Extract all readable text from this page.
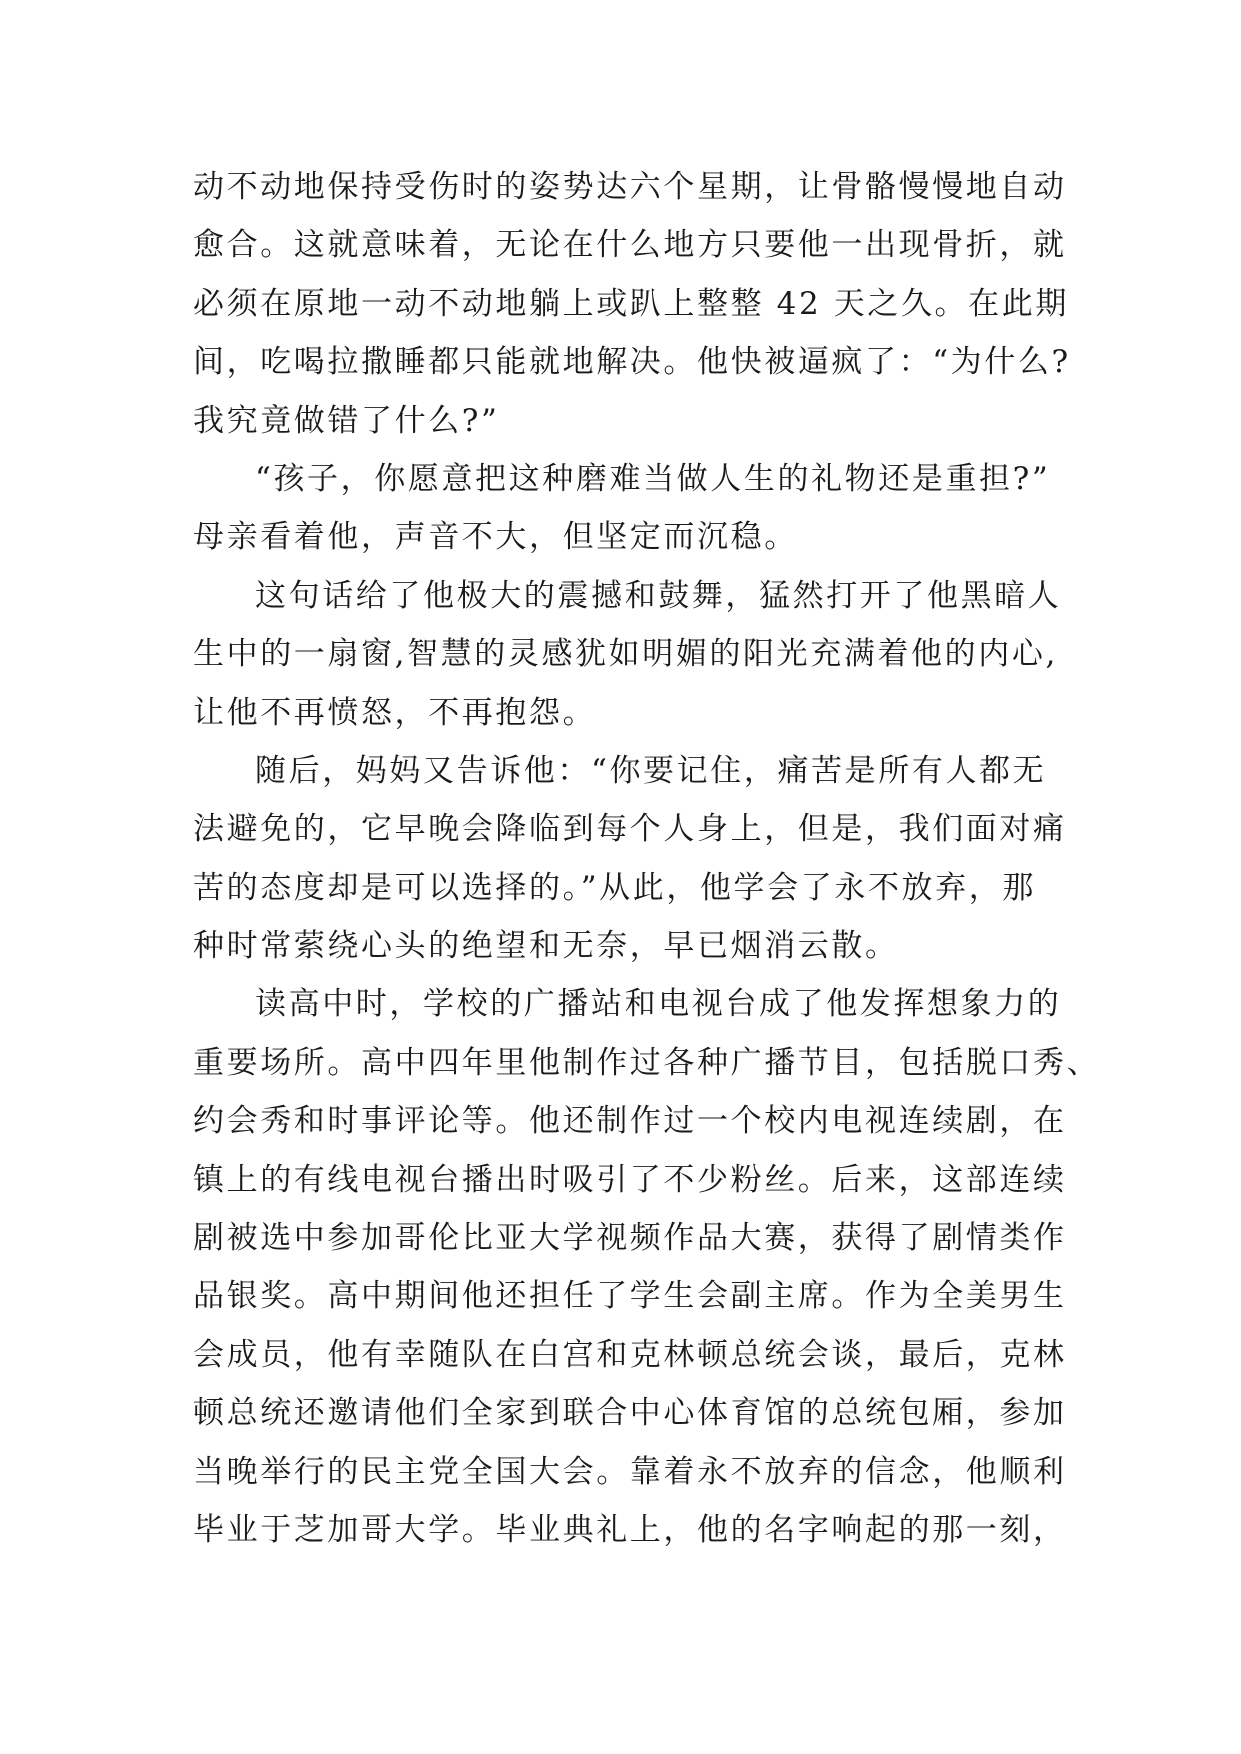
动不动地保持受伤时的姿势达六个星期，让骨骼慢慢地自动
愈合。这就意味着，无论在什么地方只要他一出现骨折，就
必须在原地一动不动地躺上或趴上整整 42 天之久。在此期
间，吃喝拉撒睡都只能就地解决。他快被逼疯了：“为什么?
我究竟做错了什么?”
“孩子，你愿意把这种磨难当做人生的礼物还是重担?”
母亲看着他，声音不大，但坚定而沉稳。
这句话给了他极大的震撼和鼓舞，猛然打开了他黑暗人
生中的一扇窗,智慧的灵感犹如明媚的阳光充满着他的内心,
让他不再愤怒，不再抱怨。
随后，妈妈又告诉他：“你要记住，痛苦是所有人都无
法避免的，它早晚会降临到每个人身上，但是，我们面对痛
苦的态度却是可以选择的。”从此，他学会了永不放弃，那
种时常萦绕心头的绝望和无奈，早已烟消云散。
读高中时，学校的广播站和电视台成了他发挥想象力的
重要场所。高中四年里他制作过各种广播节目，包括脱口秀、
约会秀和时事评论等。他还制作过一个校内电视连续剧，在
镇上的有线电视台播出时吸引了不少粉丝。后来，这部连续
剧被选中参加哥伦比亚大学视频作品大赛，获得了剧情类作
品银奖。高中期间他还担任了学生会副主席。作为全美男生
会成员，他有幸随队在白宫和克林顿总统会谈，最后，克林
顿总统还邀请他们全家到联合中心体育馆的总统包厢，参加
当晚举行的民主党全国大会。靠着永不放弃的信念，他顺利
毕业于芝加哥大学。毕业典礼上，他的名字响起的那一刻，
